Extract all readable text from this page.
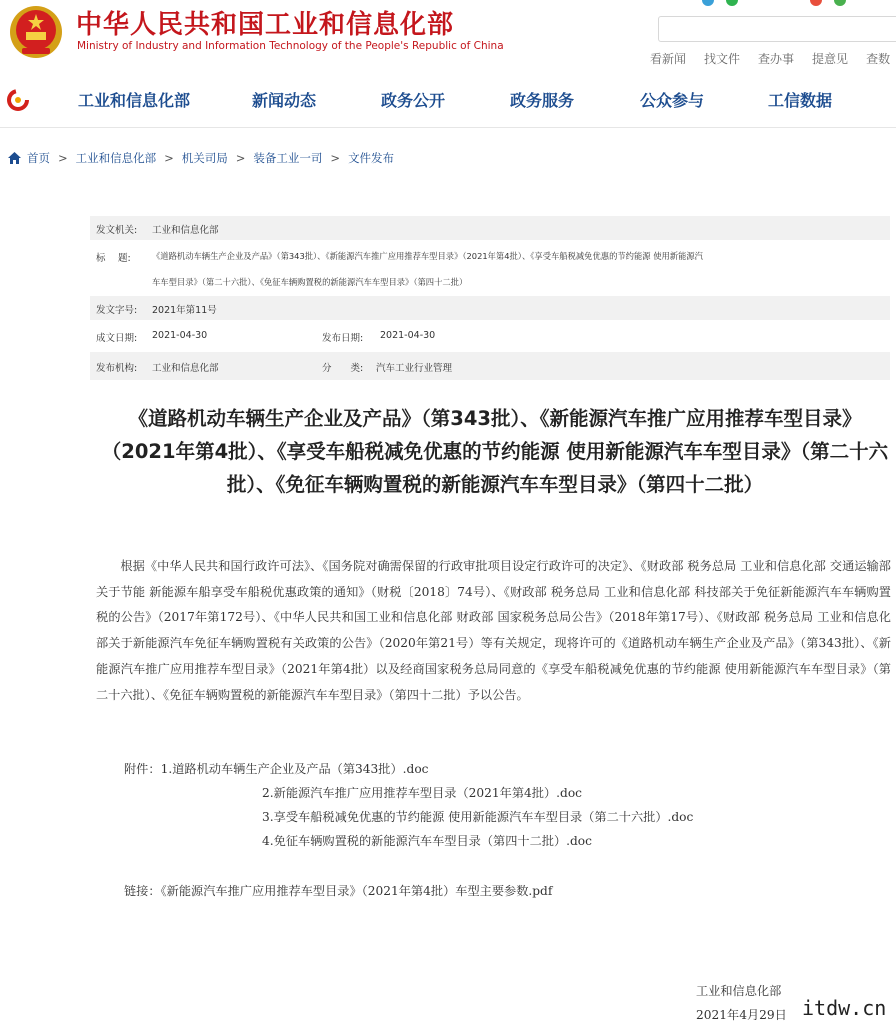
中华人民共和国工业和信息化部
Ministry of Industry and Information Technology of the People's Republic of China
看新闻 找文件 查办事 提意见 查数
工业和信息化部	新闻动态	政务公开	政务服务	公众参与	工信数据
首页 > 工业和信息化部 > 机关司局 > 装备工业一司 > 文件发布
发文机关: 工业和信息化部
标　 题:	《道路机动车辆生产企业及产品》（第343批）、《新能源汽车推广应用推荐车型目录》（2021年第4批）、《享受车船税减免优惠的节约能源 使用新能源汽
车车型目录》（第二十六批）、《免征车辆购置税的新能源汽车车型目录》（第四十二批）
发文字号: 2021年第11号
成文日期: 2021-04-30	发布日期: 2021-04-30
发布机构: 工业和信息化部	分　　类: 汽车工业行业管理
《道路机动车辆生产企业及产品》（第343批）、《新能源汽车推广应用推荐车型目录》（2021年第4批）、《享受车船税减免优惠的节约能源 使用新能源汽车车型目录》（第二十六批）、《免征车辆购置税的新能源汽车车型目录》（第四十二批）
根据《中华人民共和国行政许可法》、《国务院对确需保留的行政审批项目设定行政许可的决定》、《财政部 税务总局 工业和信息化部 交通运输部关于节能 新能源车船享受车船税优惠政策的通知》（财税〔2018〕74号）、《财政部 税务总局 工业和信息化部 科技部关于免征新能源汽车车辆购置税的公告》（2017年第172号）、《中华人民共和国工业和信息化部 财政部 国家税务总局公告》（2018年第17号）、《财政部 税务总局 工业和信息化部关于新能源汽车免征车辆购置税有关政策的公告》（2020年第21号）等有关规定，现将许可的《道路机动车辆生产企业及产品》（第343批）、《新能源汽车推广应用推荐车型目录》（2021年第4批）以及经商国家税务总局同意的《享受车船税减免优惠的节约能源 使用新能源汽车车型目录》（第二十六批）、《免征车辆购置税的新能源汽车车型目录》（第四十二批）予以公告。
附件：1.道路机动车辆生产企业及产品（第343批）.doc
2.新能源汽车推广应用推荐车型目录（2021年第4批）.doc
3.享受车船税减免优惠的节约能源 使用新能源汽车车型目录（第二十六批）.doc
4.免征车辆购置税的新能源汽车车型目录（第四十二批）.doc
链接：《新能源汽车推广应用推荐车型目录》（2021年第4批）车型主要参数.pdf
工业和信息化部
2021年4月29日 itdw.cn
